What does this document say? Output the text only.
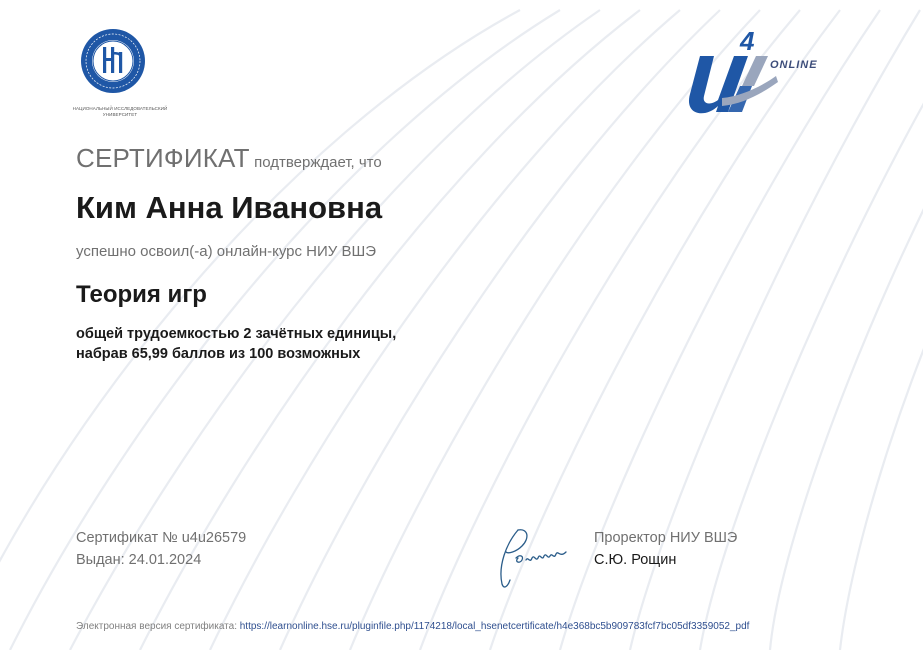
НАЦИОНАЛЬНЫЙ ИССЛЕДОВАТЕЛЬСКИЙ
УНИВЕРСИТЕТ
4
ONLINE
СЕРТИФИКАТ подтверждает, что
Ким Анна Ивановна
успешно освоил(-а) онлайн-курс НИУ ВШЭ
Теория игр
общей трудоемкостью 2 зачётных единицы,
набрав 65,99 баллов из 100 возможных
Сертификат № u4u26579
Выдан: 24.01.2024
Проректор НИУ ВШЭ
С.Ю. Рощин
Электронная версия сертификата: https://learnonline.hse.ru/pluginfile.php/1174218/local_hsenetcertificate/h4e368bc5b909783fcf7bc05df3359052_pdf
